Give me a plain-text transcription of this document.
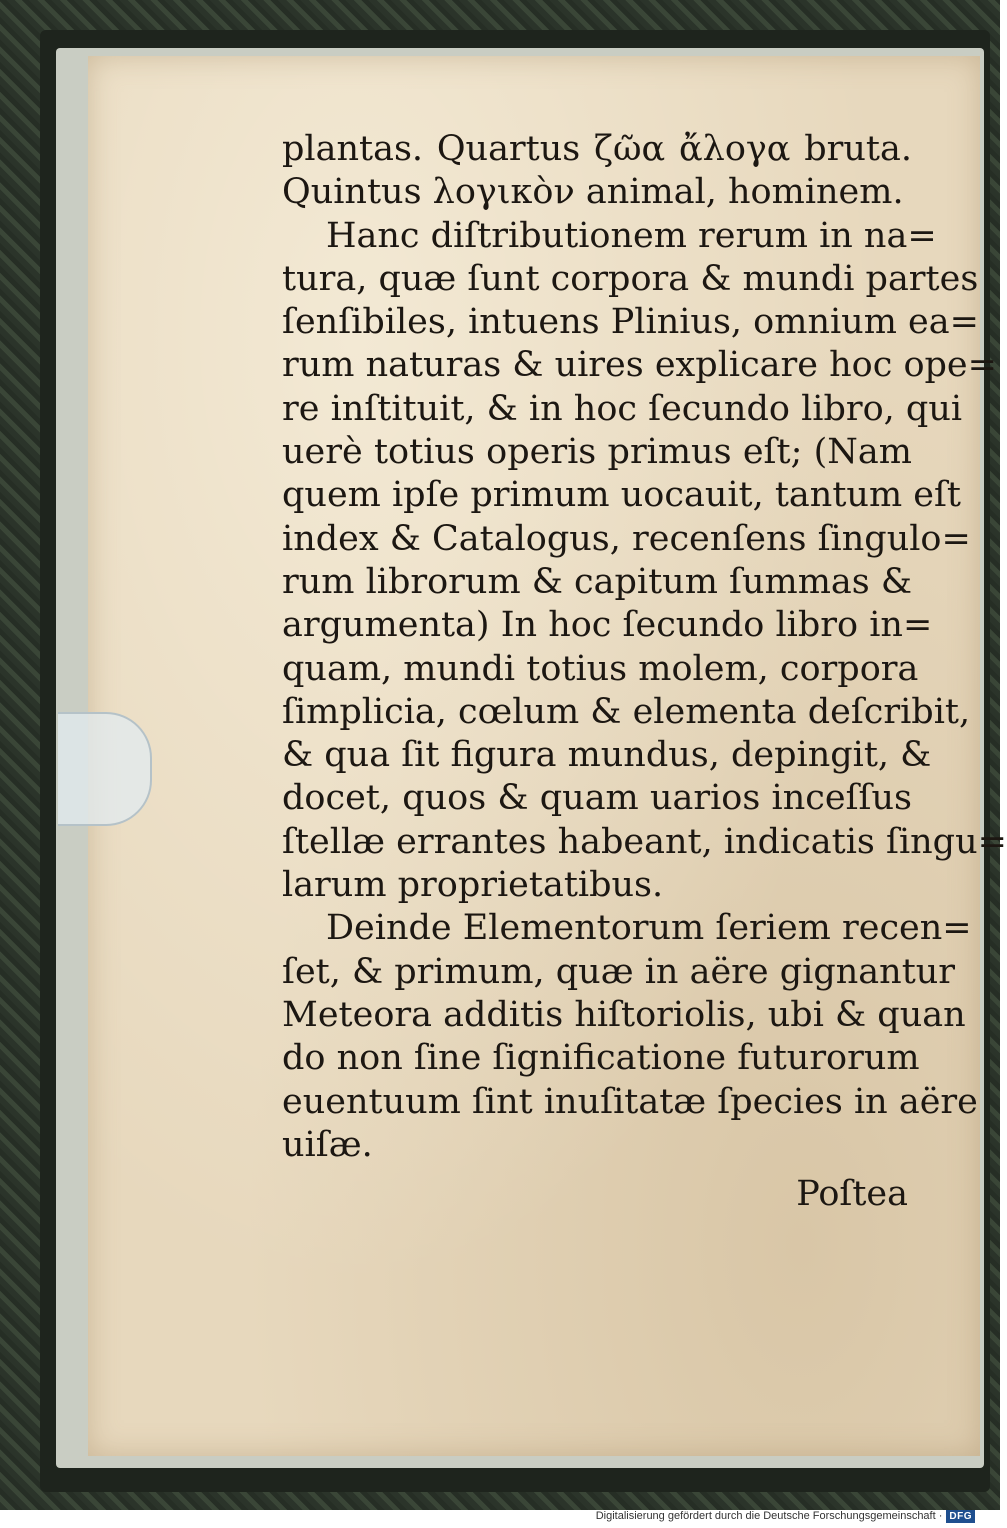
plantas. Quartus ζῶα ἄλογα bruta.
Quintus λογικὸν animal, hominem.
Hanc diſtributionem rerum in na=
tura, quæ ſunt corpora & mundi partes
ſenſibiles, intuens Plinius, omnium ea=
rum naturas & uires explicare hoc ope=
re inſtituit, & in hoc ſecundo libro, qui
uerè totius operis primus eſt; (Nam
quem ipſe primum uocauit, tantum eſt
index & Catalogus, recenſens ſingulo=
rum librorum & capitum ſummas &
argumenta) In hoc ſecundo libro in=
quam, mundi totius molem, corpora
ſimplicia, cœlum & elementa deſcribit,
& qua ſit figura mundus, depingit, &
docet, quos & quam uarios inceſſus
ſtellæ errantes habeant, indicatis ſingu=
larum proprietatibus.
Deinde Elementorum ſeriem recen=
ſet, & primum, quæ in aëre gignantur
Meteora additis hiſtoriolis, ubi & quan
do non ſine ſignificatione futurorum
euentuum ſint inuſitatæ ſpecies in aëre
uiſæ.
Poſtea
Digitalisierung gefördert durch die Deutsche Forschungsgemeinschaft · DFG
